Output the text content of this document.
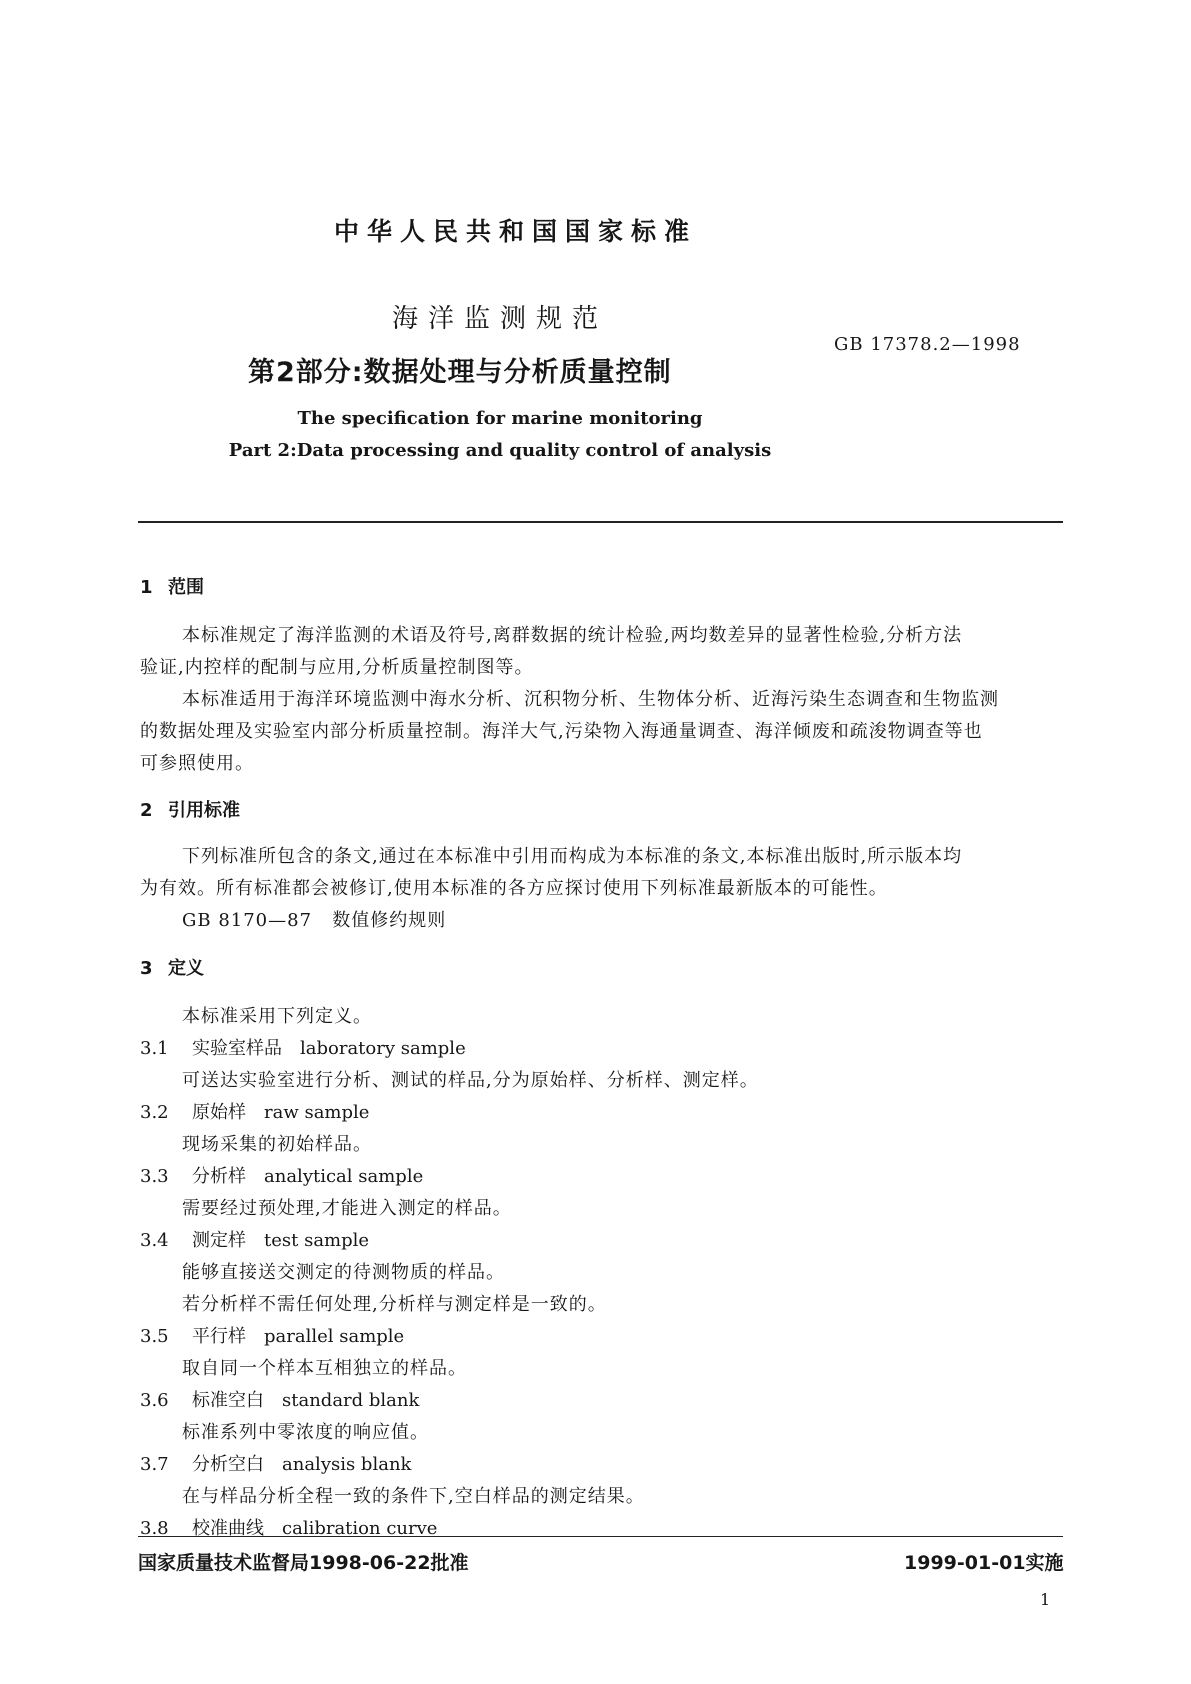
中华人民共和国国家标准
海洋监测规范
第2部分:数据处理与分析质量控制
GB 17378.2—1998
The specification for marine monitoring
Part 2:Data processing and quality control of analysis
1 范围
本标准规定了海洋监测的术语及符号,离群数据的统计检验,两均数差异的显著性检验,分析方法
验证,内控样的配制与应用,分析质量控制图等。
本标准适用于海洋环境监测中海水分析、沉积物分析、生物体分析、近海污染生态调查和生物监测
的数据处理及实验室内部分析质量控制。海洋大气,污染物入海通量调查、海洋倾废和疏浚物调查等也
可参照使用。
2 引用标准
下列标准所包含的条文,通过在本标准中引用而构成为本标准的条文,本标准出版时,所示版本均
为有效。所有标准都会被修订,使用本标准的各方应探讨使用下列标准最新版本的可能性。
GB 8170—87   数值修约规则
3 定义
本标准采用下列定义。
3.1 实验室样品 laboratory sample
可送达实验室进行分析、测试的样品,分为原始样、分析样、测定样。
3.2 原始样 raw sample
现场采集的初始样品。
3.3 分析样 analytical sample
需要经过预处理,才能进入测定的样品。
3.4 测定样 test sample
能够直接送交测定的待测物质的样品。
若分析样不需任何处理,分析样与测定样是一致的。
3.5 平行样 parallel sample
取自同一个样本互相独立的样品。
3.6 标准空白 standard blank
标准系列中零浓度的响应值。
3.7 分析空白 analysis blank
在与样品分析全程一致的条件下,空白样品的测定结果。
3.8 校准曲线 calibration curve
国家质量技术监督局1998-06-22批准	1999-01-01实施
1
